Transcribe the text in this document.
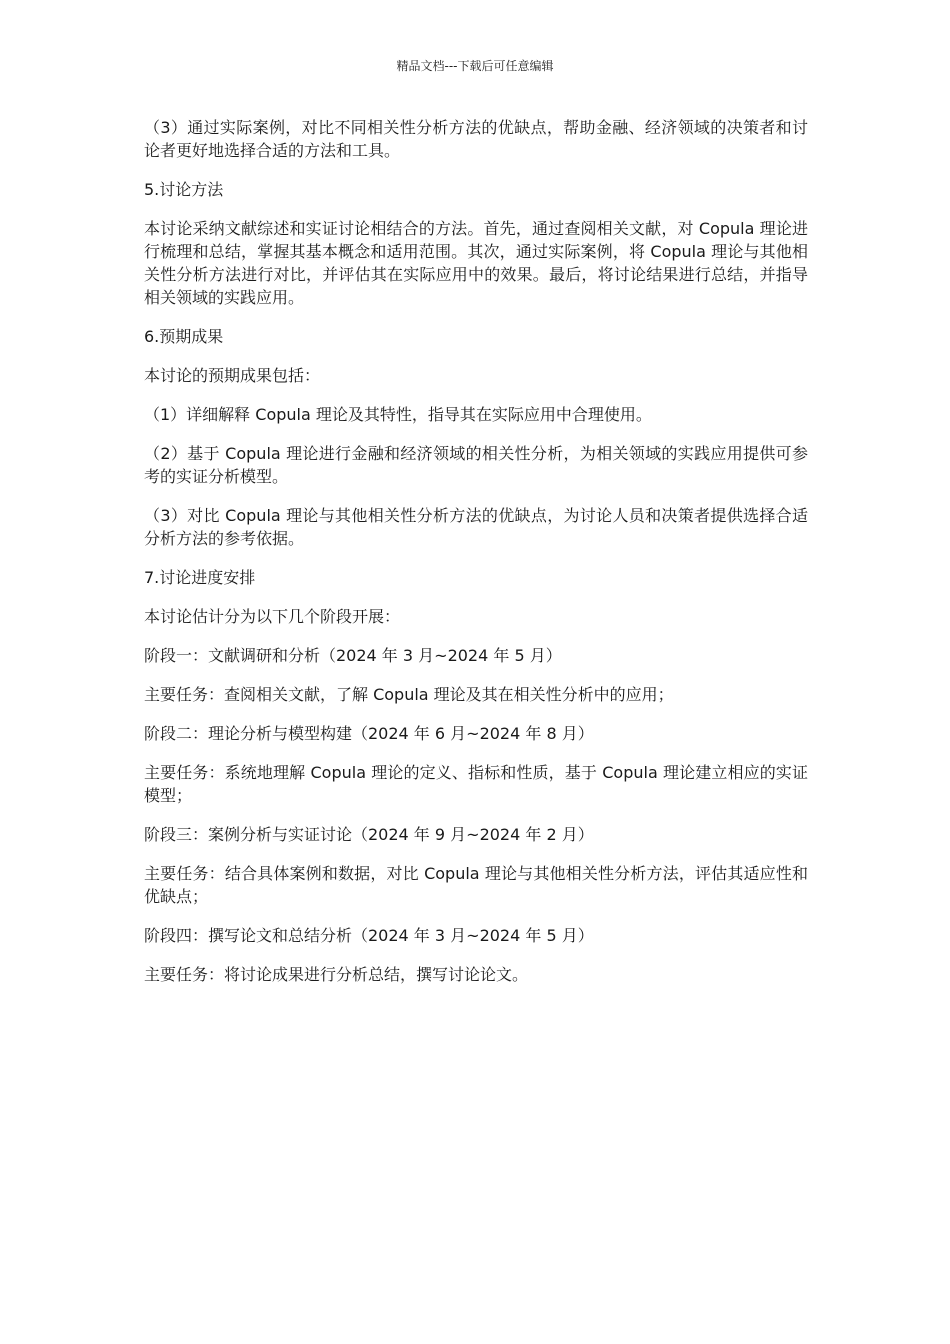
精品文档---下载后可任意编辑

（3）通过实际案例，对比不同相关性分析方法的优缺点，帮助金融、经济领域的决策者和讨论者更好地选择合适的方法和工具。

5.讨论方法

本讨论采纳文献综述和实证讨论相结合的方法。首先，通过查阅相关文献，对 Copula 理论进行梳理和总结，掌握其基本概念和适用范围。其次，通过实际案例，将 Copula 理论与其他相关性分析方法进行对比，并评估其在实际应用中的效果。最后，将讨论结果进行总结，并指导相关领域的实践应用。

6.预期成果

本讨论的预期成果包括：

（1）详细解释 Copula 理论及其特性，指导其在实际应用中合理使用。

（2）基于 Copula 理论进行金融和经济领域的相关性分析，为相关领域的实践应用提供可参考的实证分析模型。

（3）对比 Copula 理论与其他相关性分析方法的优缺点，为讨论人员和决策者提供选择合适分析方法的参考依据。

7.讨论进度安排

本讨论估计分为以下几个阶段开展：

阶段一：文献调研和分析（2024 年 3 月~2024 年 5 月）

主要任务：查阅相关文献，了解 Copula 理论及其在相关性分析中的应用；

阶段二：理论分析与模型构建（2024 年 6 月~2024 年 8 月）

主要任务：系统地理解 Copula 理论的定义、指标和性质，基于 Copula 理论建立相应的实证模型；

阶段三：案例分析与实证讨论（2024 年 9 月~2024 年 2 月）

主要任务：结合具体案例和数据，对比 Copula 理论与其他相关性分析方法，评估其适应性和优缺点；

阶段四：撰写论文和总结分析（2024 年 3 月~2024 年 5 月）

主要任务：将讨论成果进行分析总结，撰写讨论论文。
